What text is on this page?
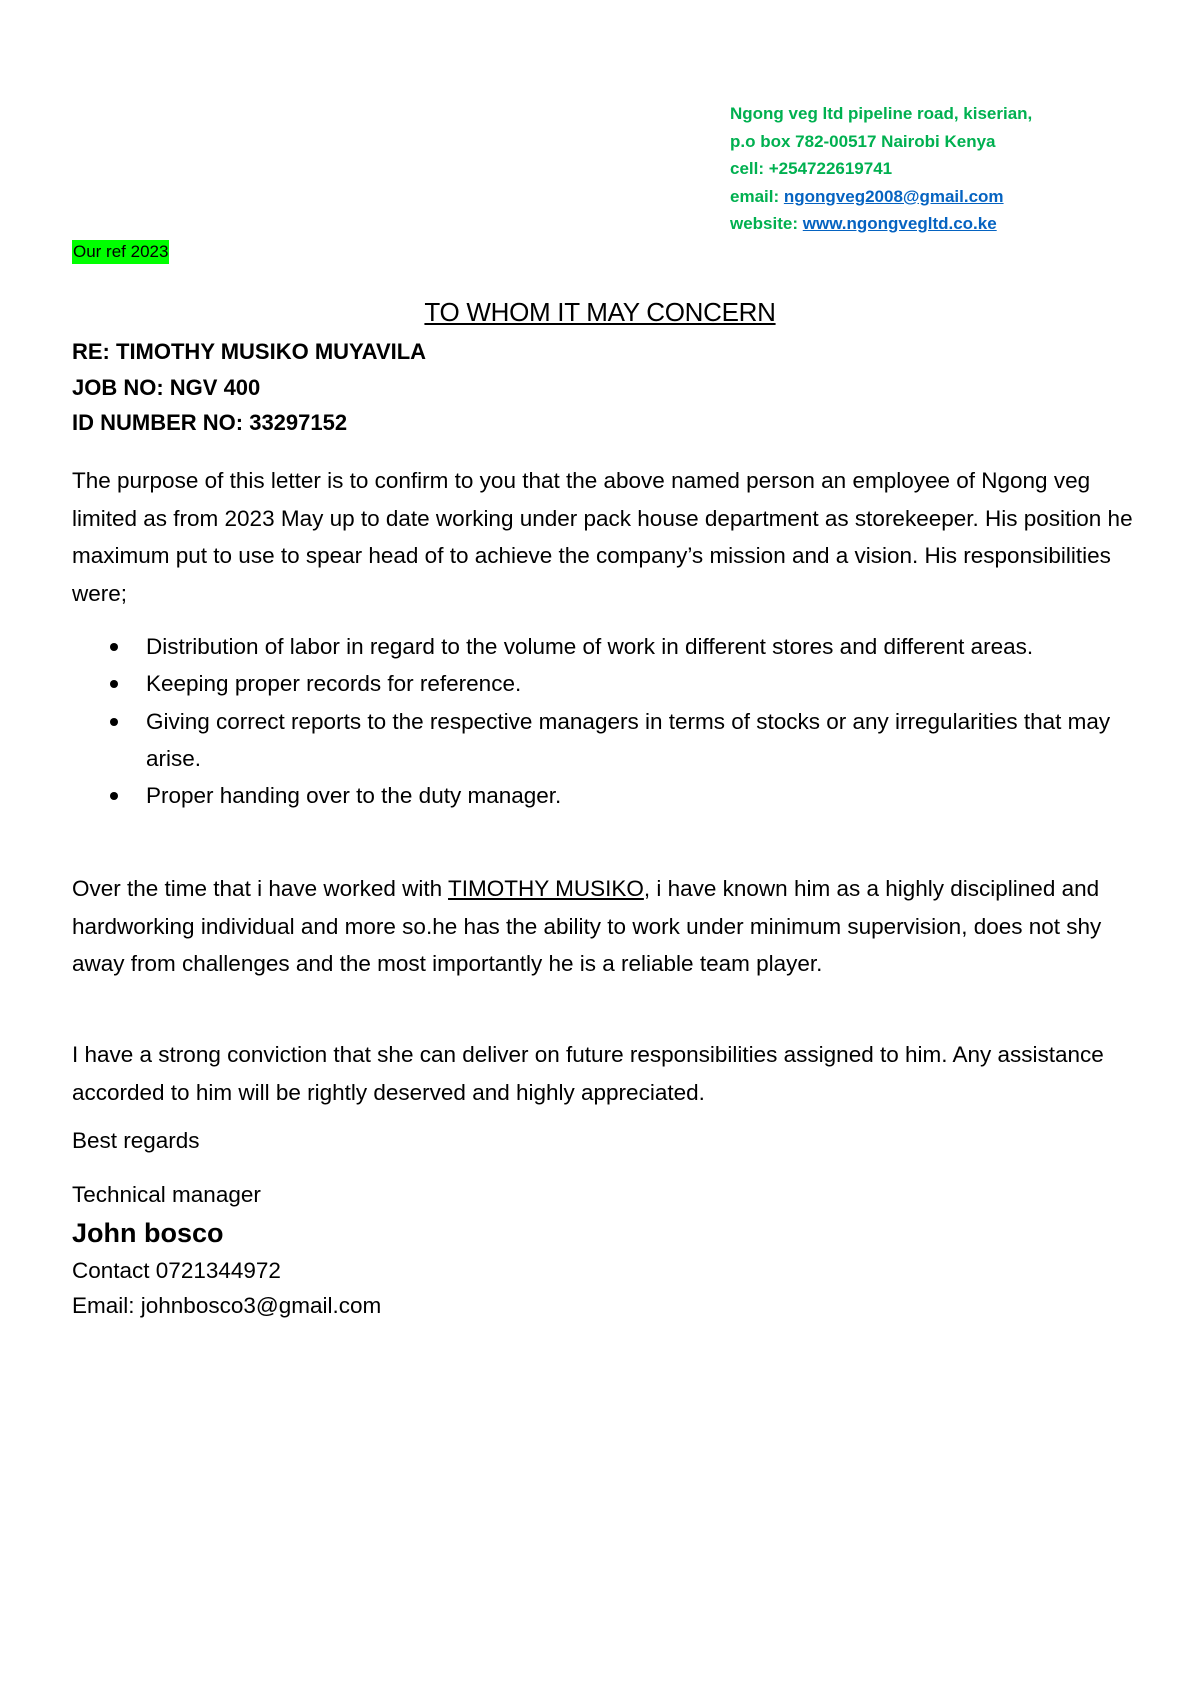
Ngong veg ltd pipeline road, kiserian,
p.o box 782-00517 Nairobi Kenya
cell: +254722619741
email: ngongveg2008@gmail.com
website: www.ngongvegltd.co.ke
Our ref 2023
TO WHOM IT MAY CONCERN
RE: TIMOTHY MUSIKO MUYAVILA
JOB NO: NGV 400
ID NUMBER NO: 33297152
The purpose of this letter is to confirm to you that the above named person an employee of Ngong veg limited as from 2023 May up to date working under pack house department as storekeeper. His position he maximum put to use to spear head of to achieve the company’s mission and a vision. His responsibilities were;
Distribution of labor in regard to the volume of work in different stores and different areas.
Keeping proper records for reference.
Giving correct reports to the respective managers in terms of stocks or any irregularities that may arise.
Proper handing over to the duty manager.
Over the time that i have worked with TIMOTHY MUSIKO, i have known him as a highly disciplined and hardworking individual and more so.he has the ability to work under minimum supervision, does not shy away from challenges and the most importantly he is a reliable team player.
I have a strong conviction that she can deliver on future responsibilities assigned to him. Any assistance accorded to him will be rightly deserved and highly appreciated.
Best regards
Technical manager
John bosco
Contact 0721344972
Email: johnbosco3@gmail.com
